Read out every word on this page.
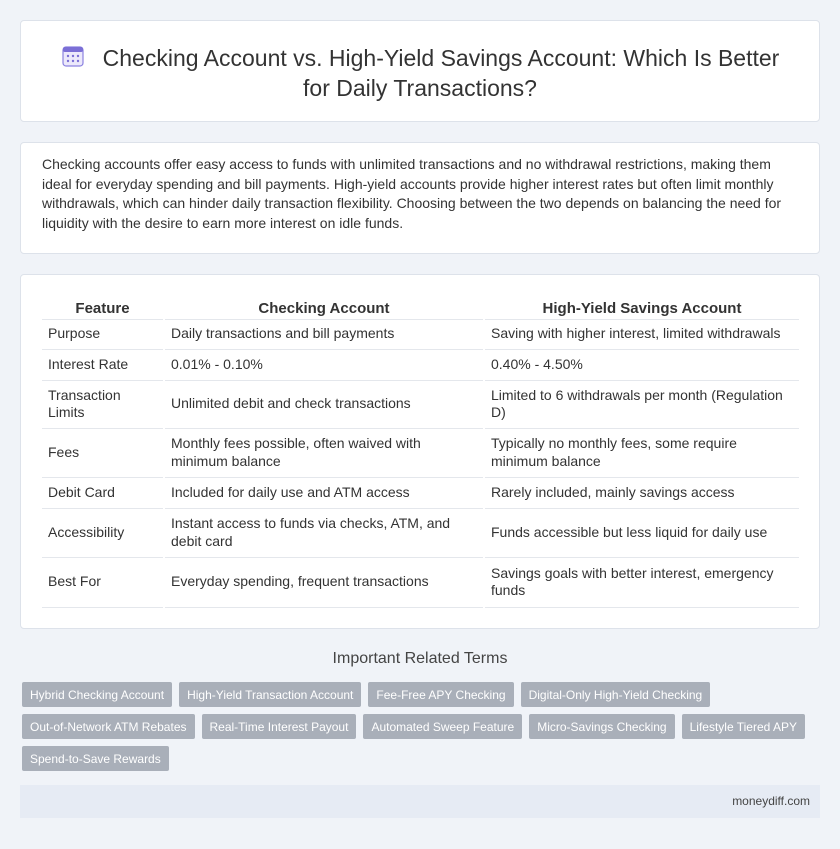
Checking Account vs. High-Yield Savings Account: Which Is Better for Daily Transactions?

Checking accounts offer easy access to funds with unlimited transactions and no withdrawal restrictions, making them ideal for everyday spending and bill payments. High-yield accounts provide higher interest rates but often limit monthly withdrawals, which can hinder daily transaction flexibility. Choosing between the two depends on balancing the need for liquidity with the desire to earn more interest on idle funds.

Feature	Checking Account	High-Yield Savings Account
Purpose	Daily transactions and bill payments	Saving with higher interest, limited withdrawals
Interest Rate	0.01% - 0.10%	0.40% - 4.50%
Transaction Limits	Unlimited debit and check transactions	Limited to 6 withdrawals per month (Regulation D)
Fees	Monthly fees possible, often waived with minimum balance	Typically no monthly fees, some require minimum balance
Debit Card	Included for daily use and ATM access	Rarely included, mainly savings access
Accessibility	Instant access to funds via checks, ATM, and debit card	Funds accessible but less liquid for daily use
Best For	Everyday spending, frequent transactions	Savings goals with better interest, emergency funds
Important Related Terms
Hybrid Checking Account	High-Yield Transaction Account	Fee-Free APY Checking	Digital-Only High-Yield Checking
Out-of-Network ATM Rebates	Real-Time Interest Payout	Automated Sweep Feature	Micro-Savings Checking	Lifestyle Tiered APY
Spend-to-Save Rewards
moneydiff.com
